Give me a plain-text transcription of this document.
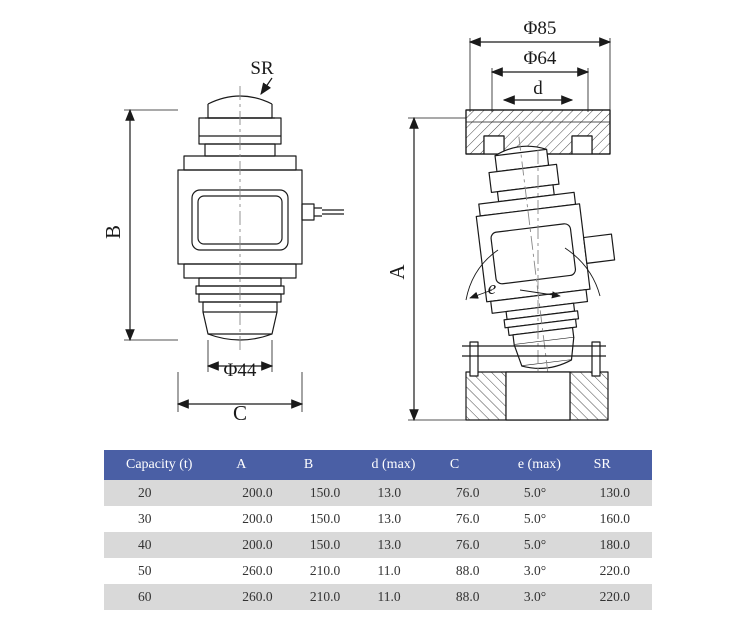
SR
B
Φ44
C
Φ85
Φ64
d
A
e
Capacity (t)	A	B	d (max)	C	e (max)	SR
20	200.0	150.0	13.0	76.0	5.0°	130.0
30	200.0	150.0	13.0	76.0	5.0°	160.0
40	200.0	150.0	13.0	76.0	5.0°	180.0
50	260.0	210.0	11.0	88.0	3.0°	220.0
60	260.0	210.0	11.0	88.0	3.0°	220.0
